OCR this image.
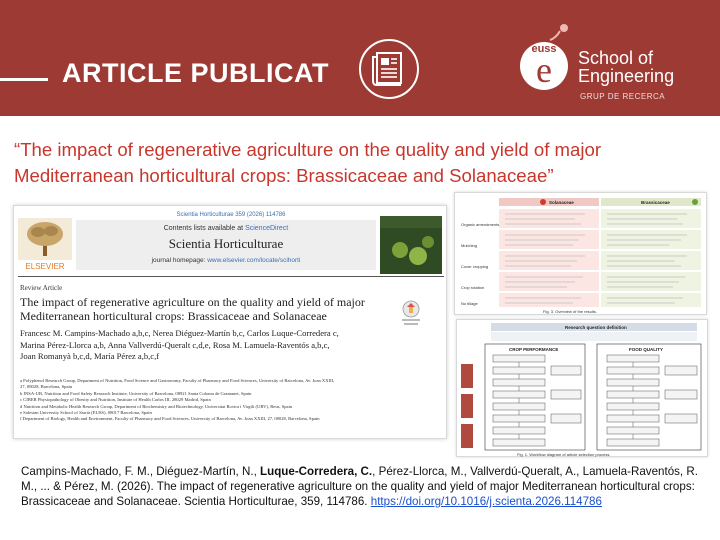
ARTICLE PUBLICAT
euss
e School of
Engineering
GRUP DE RECERCA
“The impact of regenerative agriculture on the quality and yield of major
Mediterranean horticultural crops: Brassicaceae and Solanaceae”
Scientia Horticulturae 359 (2026) 114786
ELSEVIER
Contents lists available at ScienceDirect
Scientia Horticulturae
journal homepage: www.elsevier.com/locate/scihorti
Review Article
The impact of regenerative agriculture on the quality and yield of major Mediterranean horticultural crops: Brassicaceae and Solanaceae
Francesc M. Campins-Machado a,b,c, Nerea Diéguez-Martín b,c, Carlos Luque-Corredera c,
Marina Pérez-Llorca a,b, Anna Vallverdú-Queralt c,d,e, Rosa M. Lamuela-Raventós a,b,c,
Joan Romanyà b,c,d, María Pérez a,b,c,f
a Polyphenol Research Group, Department of Nutrition, Food Science and Gastronomy, Faculty of Pharmacy and Food Sciences, University of Barcelona, Av. Joan XXIII,
27, 08028, Barcelona, Spain
b INSA-UB, Nutrition and Food Safety Research Institute, University of Barcelona, 08921 Santa Coloma de Gramanet, Spain
c CIBER Physiopathology of Obesity and Nutrition, Institute of Health Carlos III, 28029 Madrid, Spain
d Nutrition and Metabolic Health Research Group, Department of Biochemistry and Biotechnology, Universitat Rovira i Virgili (URV), Reus, Spain
e Salesian University School of Sarrià (EUSS), 08017 Barcelona, Spain
f Department of Biology, Health and Environment, Faculty of Pharmacy and Food Sciences, University of Barcelona, Av. Joan XXIII, 27, 08028, Barcelona, Spain
Solanaceae	Brassicaceae
Organic amendments
Mulching
Cover cropping
Crop rotation
No tillage
Fig. 3. Overview of the results.
Research question definition
CROP PERFORMANCE	FOOD QUALITY
Fig. 1. Workflow diagram of article selection process.
Campins-Machado, F. M., Diéguez-Martín, N., Luque-Corredera, C., Pérez-Llorca, M., Vallverdú-Queralt, A., Lamuela-Raventós, R. M., ... & Pérez, M. (2026). The impact of regenerative agriculture on the quality and yield of major Mediterranean horticultural crops: Brassicaceae and Solanaceae. Scientia Horticulturae, 359, 114786. https://doi.org/10.1016/j.scienta.2026.114786
